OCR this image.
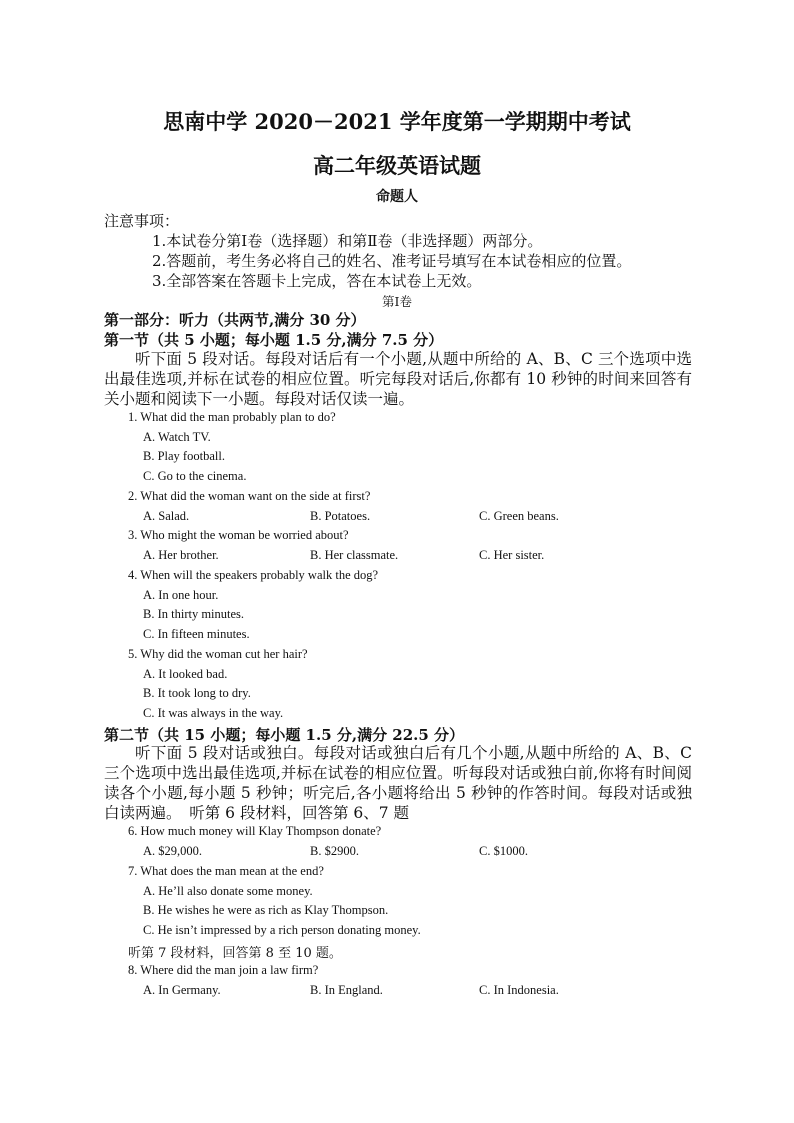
思南中学 2020－2021 学年度第一学期期中考试
高二年级英语试题
命题人
注意事项：
1.本试卷分第Ⅰ卷（选择题）和第Ⅱ卷（非选择题）两部分。
2.答题前，考生务必将自己的姓名、准考证号填写在本试卷相应的位置。
3.全部答案在答题卡上完成，答在本试卷上无效。
第Ⅰ卷
第一部分：听力（共两节,满分 30 分）
第一节（共 5 小题；每小题 1.5 分,满分 7.5 分）
听下面 5 段对话。每段对话后有一个小题,从题中所给的 A、B、C 三个选项中选出最佳选项,并标在试卷的相应位置。听完每段对话后,你都有 10 秒钟的时间来回答有关小题和阅读下一小题。每段对话仅读一遍。
1. What did the man probably plan to do?
A. Watch TV.
B. Play football.
C. Go to the cinema.
2. What did the woman want on the side at first?
A. Salad.	B. Potatoes.	C. Green beans.
3. Who might the woman be worried about?
A. Her brother.	B. Her classmate.	C. Her sister.
4. When will the speakers probably walk the dog?
A. In one hour.
B. In thirty minutes.
C. In fifteen minutes.
5. Why did the woman cut her hair?
A. It looked bad.
B. It took long to dry.
C. It was always in the way.
第二节（共 15 小题；每小题 1.5 分,满分 22.5 分）
听下面 5 段对话或独白。每段对话或独白后有几个小题,从题中所给的 A、B、C 三个选项中选出最佳选项,并标在试卷的相应位置。听每段对话或独白前,你将有时间阅读各个小题,每小题 5 秒钟；听完后,各小题将给出 5 秒钟的作答时间。每段对话或独白读两遍。　听第 6 段材料，回答第 6、7 题
6. How much money will Klay Thompson donate?
A. $29,000.	B. $2900.	C. $1000.
7. What does the man mean at the end?
A. He’ll also donate some money.
B. He wishes he were as rich as Klay Thompson.
C. He isn’t impressed by a rich person donating money.
听第 7 段材料，回答第 8 至 10 题。
8. Where did the man join a law firm?
A. In Germany.	B. In England.	C. In Indonesia.
